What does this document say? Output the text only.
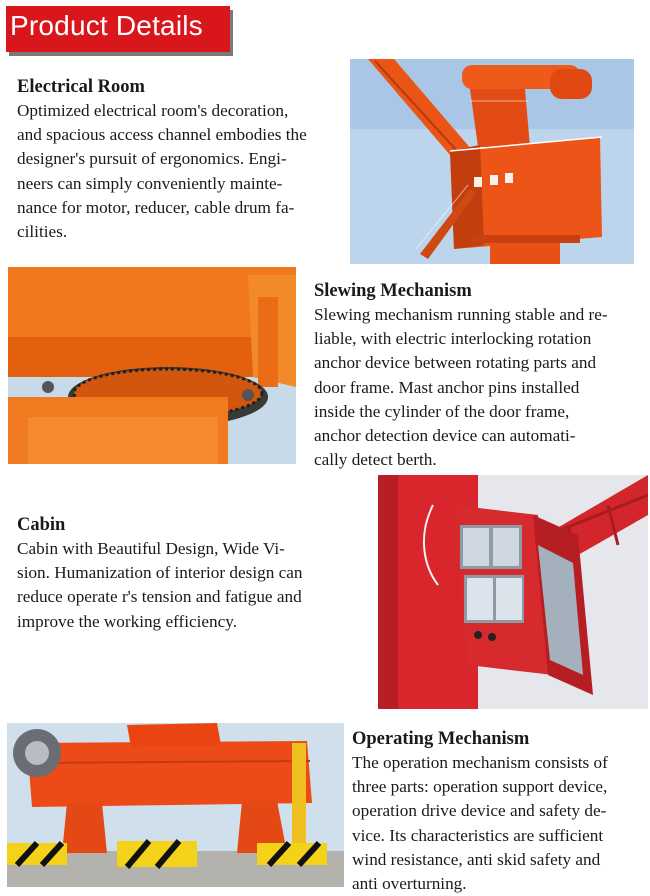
Product Details
Electrical Room

Optimized electrical room's decoration,
and spacious access channel embodies the
designer's pursuit of ergonomics. Engi-
neers can simply conveniently mainte-
nance for motor, reducer, cable drum fa-
cilities.

Slewing Mechanism

Slewing mechanism running stable and re-
liable, with electric interlocking rotation
anchor device between rotating parts and
door frame. Mast anchor pins installed
inside the cylinder of the door frame,
anchor detection device can automati-
cally detect berth.

Cabin

Cabin with Beautiful Design, Wide Vi-
sion. Humanization of interior design can
reduce operate r's tension and fatigue and
improve the working efficiency.

Operating Mechanism

The operation mechanism consists of
three parts: operation support device,
operation drive device and safety de-
vice. Its characteristics are sufficient
wind resistance, anti skid safety and
anti overturning.
